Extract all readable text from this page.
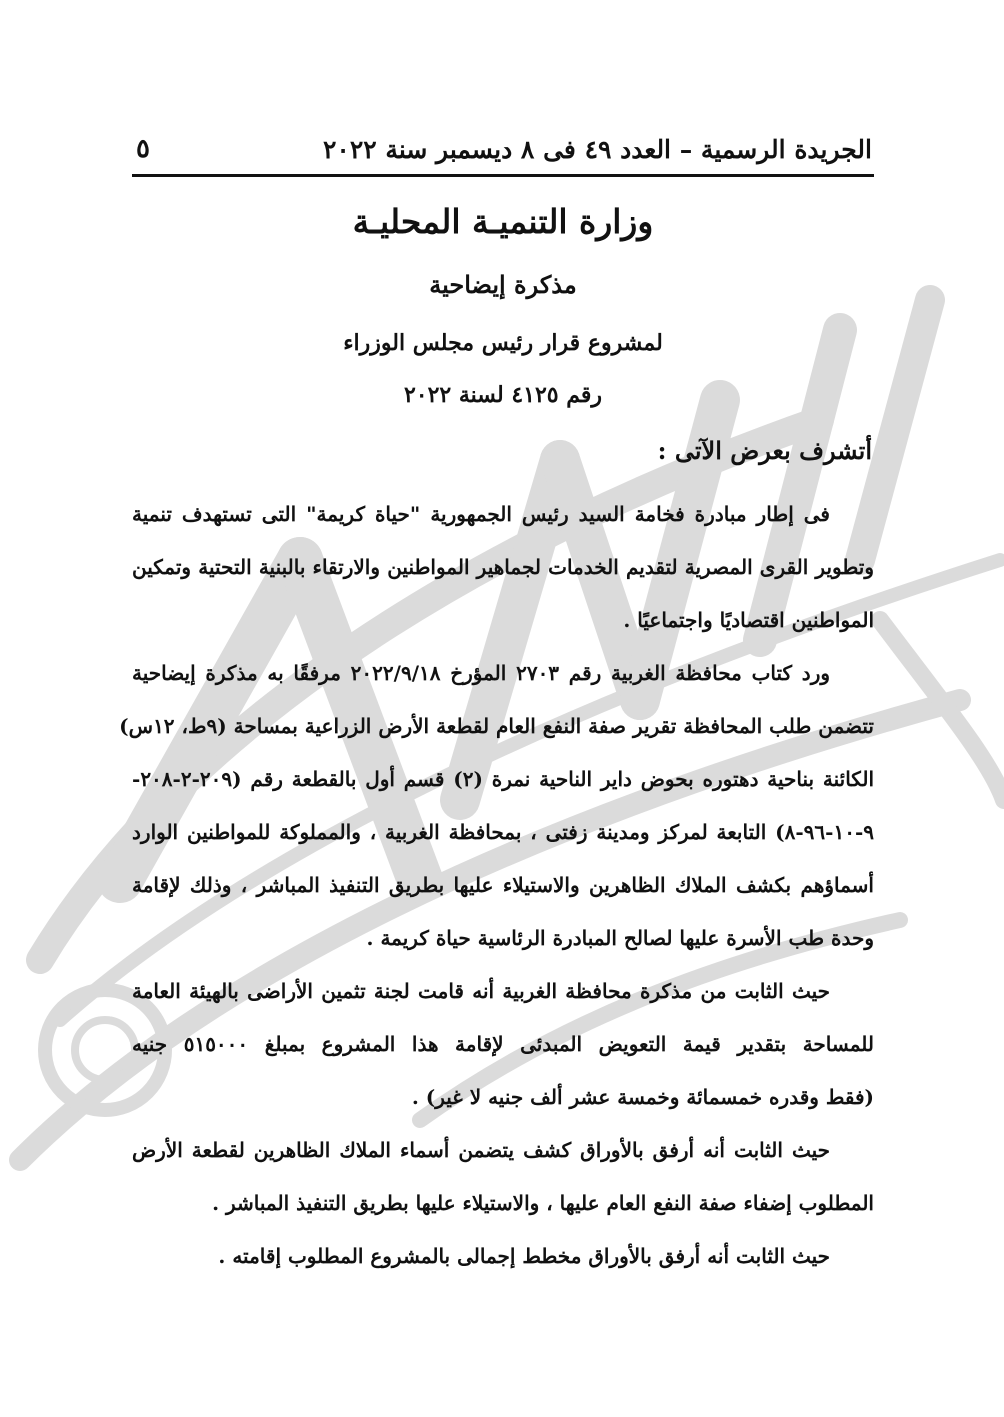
الجريدة الرسمية – العدد ٤٩ فى ٨ ديسمبر سنة ٢٠٢٢
٥
وزارة التنميـة المحليـة
مذكرة إيضاحية
لمشروع قرار رئيس مجلس الوزراء
رقم ٤١٢٥ لسنة ٢٠٢٢
أتشرف بعرض الآتى :
فى إطار مبادرة فخامة السيد رئيس الجمهورية "حياة كريمة" التى تستهدف تنمية
وتطوير القرى المصرية لتقديم الخدمات لجماهير المواطنين والارتقاء بالبنية التحتية وتمكين
المواطنين اقتصاديًا واجتماعيًا .
ورد كتاب محافظة الغربية رقم ٢٧٠٣ المؤرخ ٢٠٢٢/٩/١٨ مرفقًا به مذكرة إيضاحية
تتضمن طلب المحافظة تقرير صفة النفع العام لقطعة الأرض الزراعية بمساحة (٩ط، ١٢س)
الكائنة بناحية دهتوره بحوض داير الناحية نمرة (٢) قسم أول بالقطعة رقم (٢٠٩-٢-٢٠٨-
٩-١٠-٩٦-٨) التابعة لمركز ومدينة زفتى ، بمحافظة الغربية ، والمملوكة للمواطنين الوارد
أسماؤهم بكشف الملاك الظاهرين والاستيلاء عليها بطريق التنفيذ المباشر ، وذلك لإقامة
وحدة طب الأسرة عليها لصالح المبادرة الرئاسية حياة كريمة .
حيث الثابت من مذكرة محافظة الغربية أنه قامت لجنة تثمين الأراضى بالهيئة العامة
للمساحة بتقدير قيمة التعويض المبدئى لإقامة هذا المشروع بمبلغ ٥١٥٠٠٠ جنيه
(فقط وقدره خمسمائة وخمسة عشر ألف جنيه لا غير) .
حيث الثابت أنه أرفق بالأوراق كشف يتضمن أسماء الملاك الظاهرين لقطعة الأرض
المطلوب إضفاء صفة النفع العام عليها ، والاستيلاء عليها بطريق التنفيذ المباشر .
حيث الثابت أنه أرفق بالأوراق مخطط إجمالى بالمشروع المطلوب إقامته .
